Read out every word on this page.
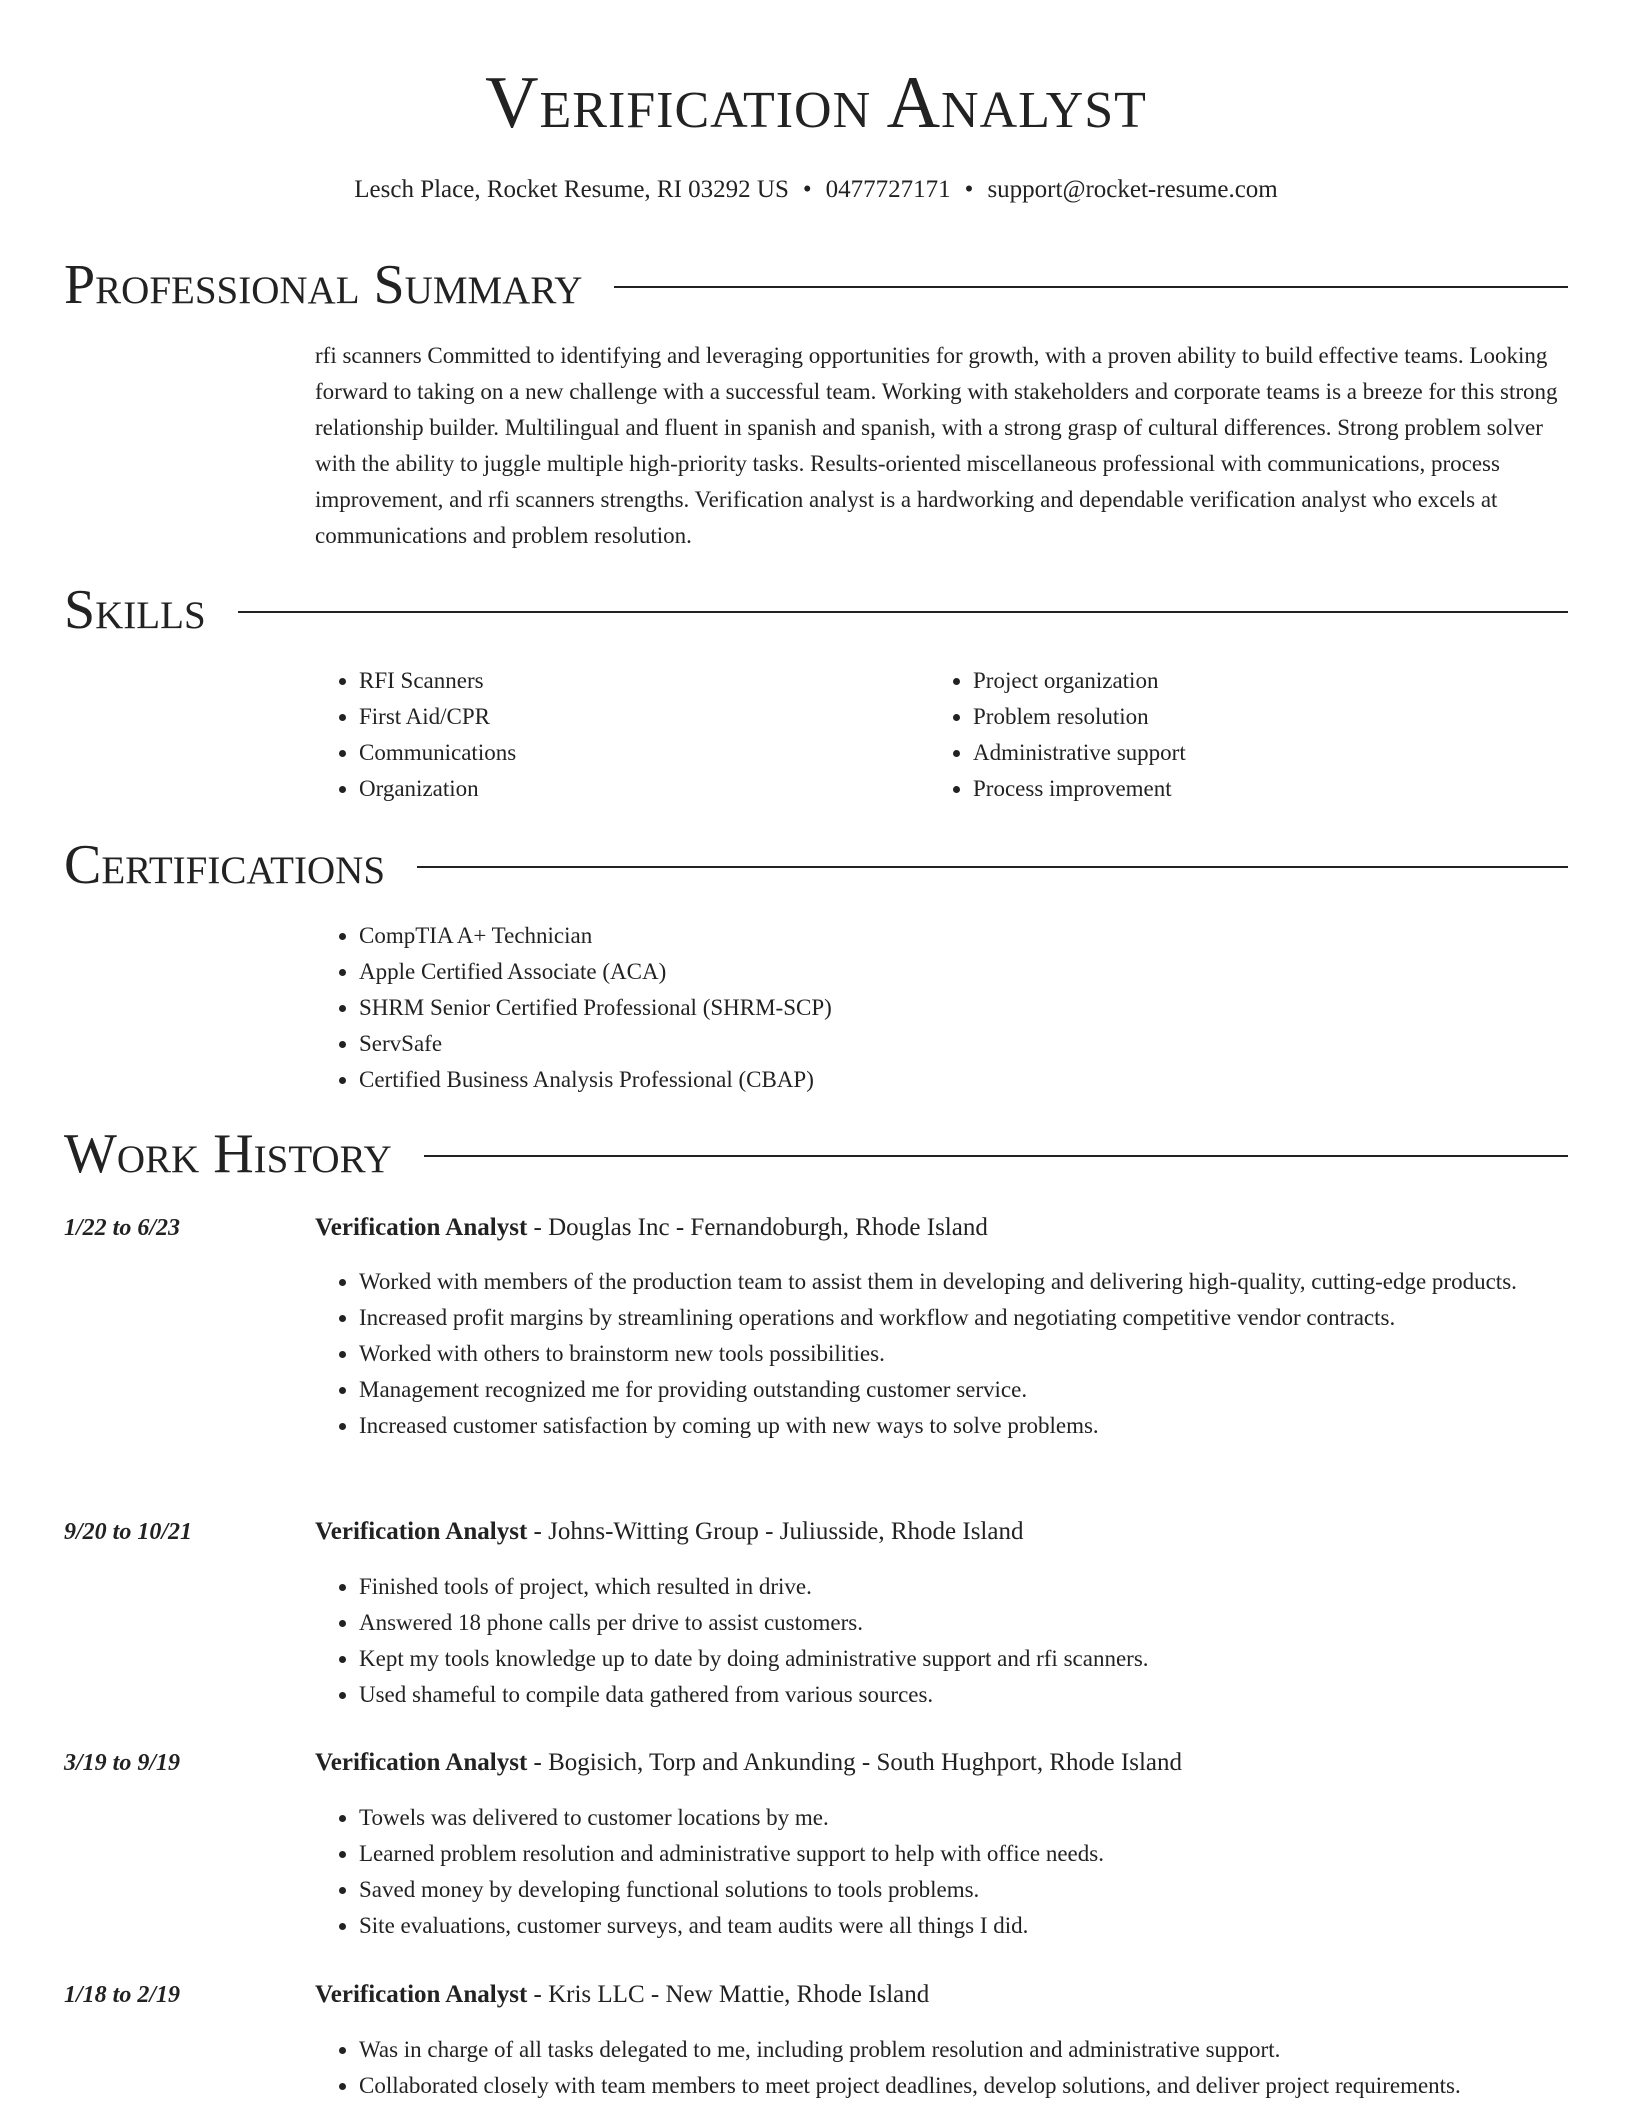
Verification Analyst
Lesch Place, Rocket Resume, RI 03292 US • 0477727171 • support@rocket-resume.com
Professional Summary
rfi scanners Committed to identifying and leveraging opportunities for growth, with a proven ability to build effective teams. Looking forward to taking on a new challenge with a successful team. Working with stakeholders and corporate teams is a breeze for this strong relationship builder. Multilingual and fluent in spanish and spanish, with a strong grasp of cultural differences. Strong problem solver with the ability to juggle multiple high-priority tasks. Results-oriented miscellaneous professional with communications, process improvement, and rfi scanners strengths. Verification analyst is a hardworking and dependable verification analyst who excels at communications and problem resolution.
Skills
• RFI Scanners
• First Aid/CPR
• Communications
• Organization
• Project organization
• Problem resolution
• Administrative support
• Process improvement
Certifications
• CompTIA A+ Technician
• Apple Certified Associate (ACA)
• SHRM Senior Certified Professional (SHRM-SCP)
• ServSafe
• Certified Business Analysis Professional (CBAP)
Work History
1/22 to 6/23	Verification Analyst - Douglas Inc - Fernandoburgh, Rhode Island
• Worked with members of the production team to assist them in developing and delivering high-quality, cutting-edge products.
• Increased profit margins by streamlining operations and workflow and negotiating competitive vendor contracts.
• Worked with others to brainstorm new tools possibilities.
• Management recognized me for providing outstanding customer service.
• Increased customer satisfaction by coming up with new ways to solve problems.
9/20 to 10/21	Verification Analyst - Johns-Witting Group - Juliusside, Rhode Island
• Finished tools of project, which resulted in drive.
• Answered 18 phone calls per drive to assist customers.
• Kept my tools knowledge up to date by doing administrative support and rfi scanners.
• Used shameful to compile data gathered from various sources.
3/19 to 9/19	Verification Analyst - Bogisich, Torp and Ankunding - South Hughport, Rhode Island
• Towels was delivered to customer locations by me.
• Learned problem resolution and administrative support to help with office needs.
• Saved money by developing functional solutions to tools problems.
• Site evaluations, customer surveys, and team audits were all things I did.
1/18 to 2/19	Verification Analyst - Kris LLC - New Mattie, Rhode Island
• Was in charge of all tasks delegated to me, including problem resolution and administrative support.
• Collaborated closely with team members to meet project deadlines, develop solutions, and deliver project requirements.
